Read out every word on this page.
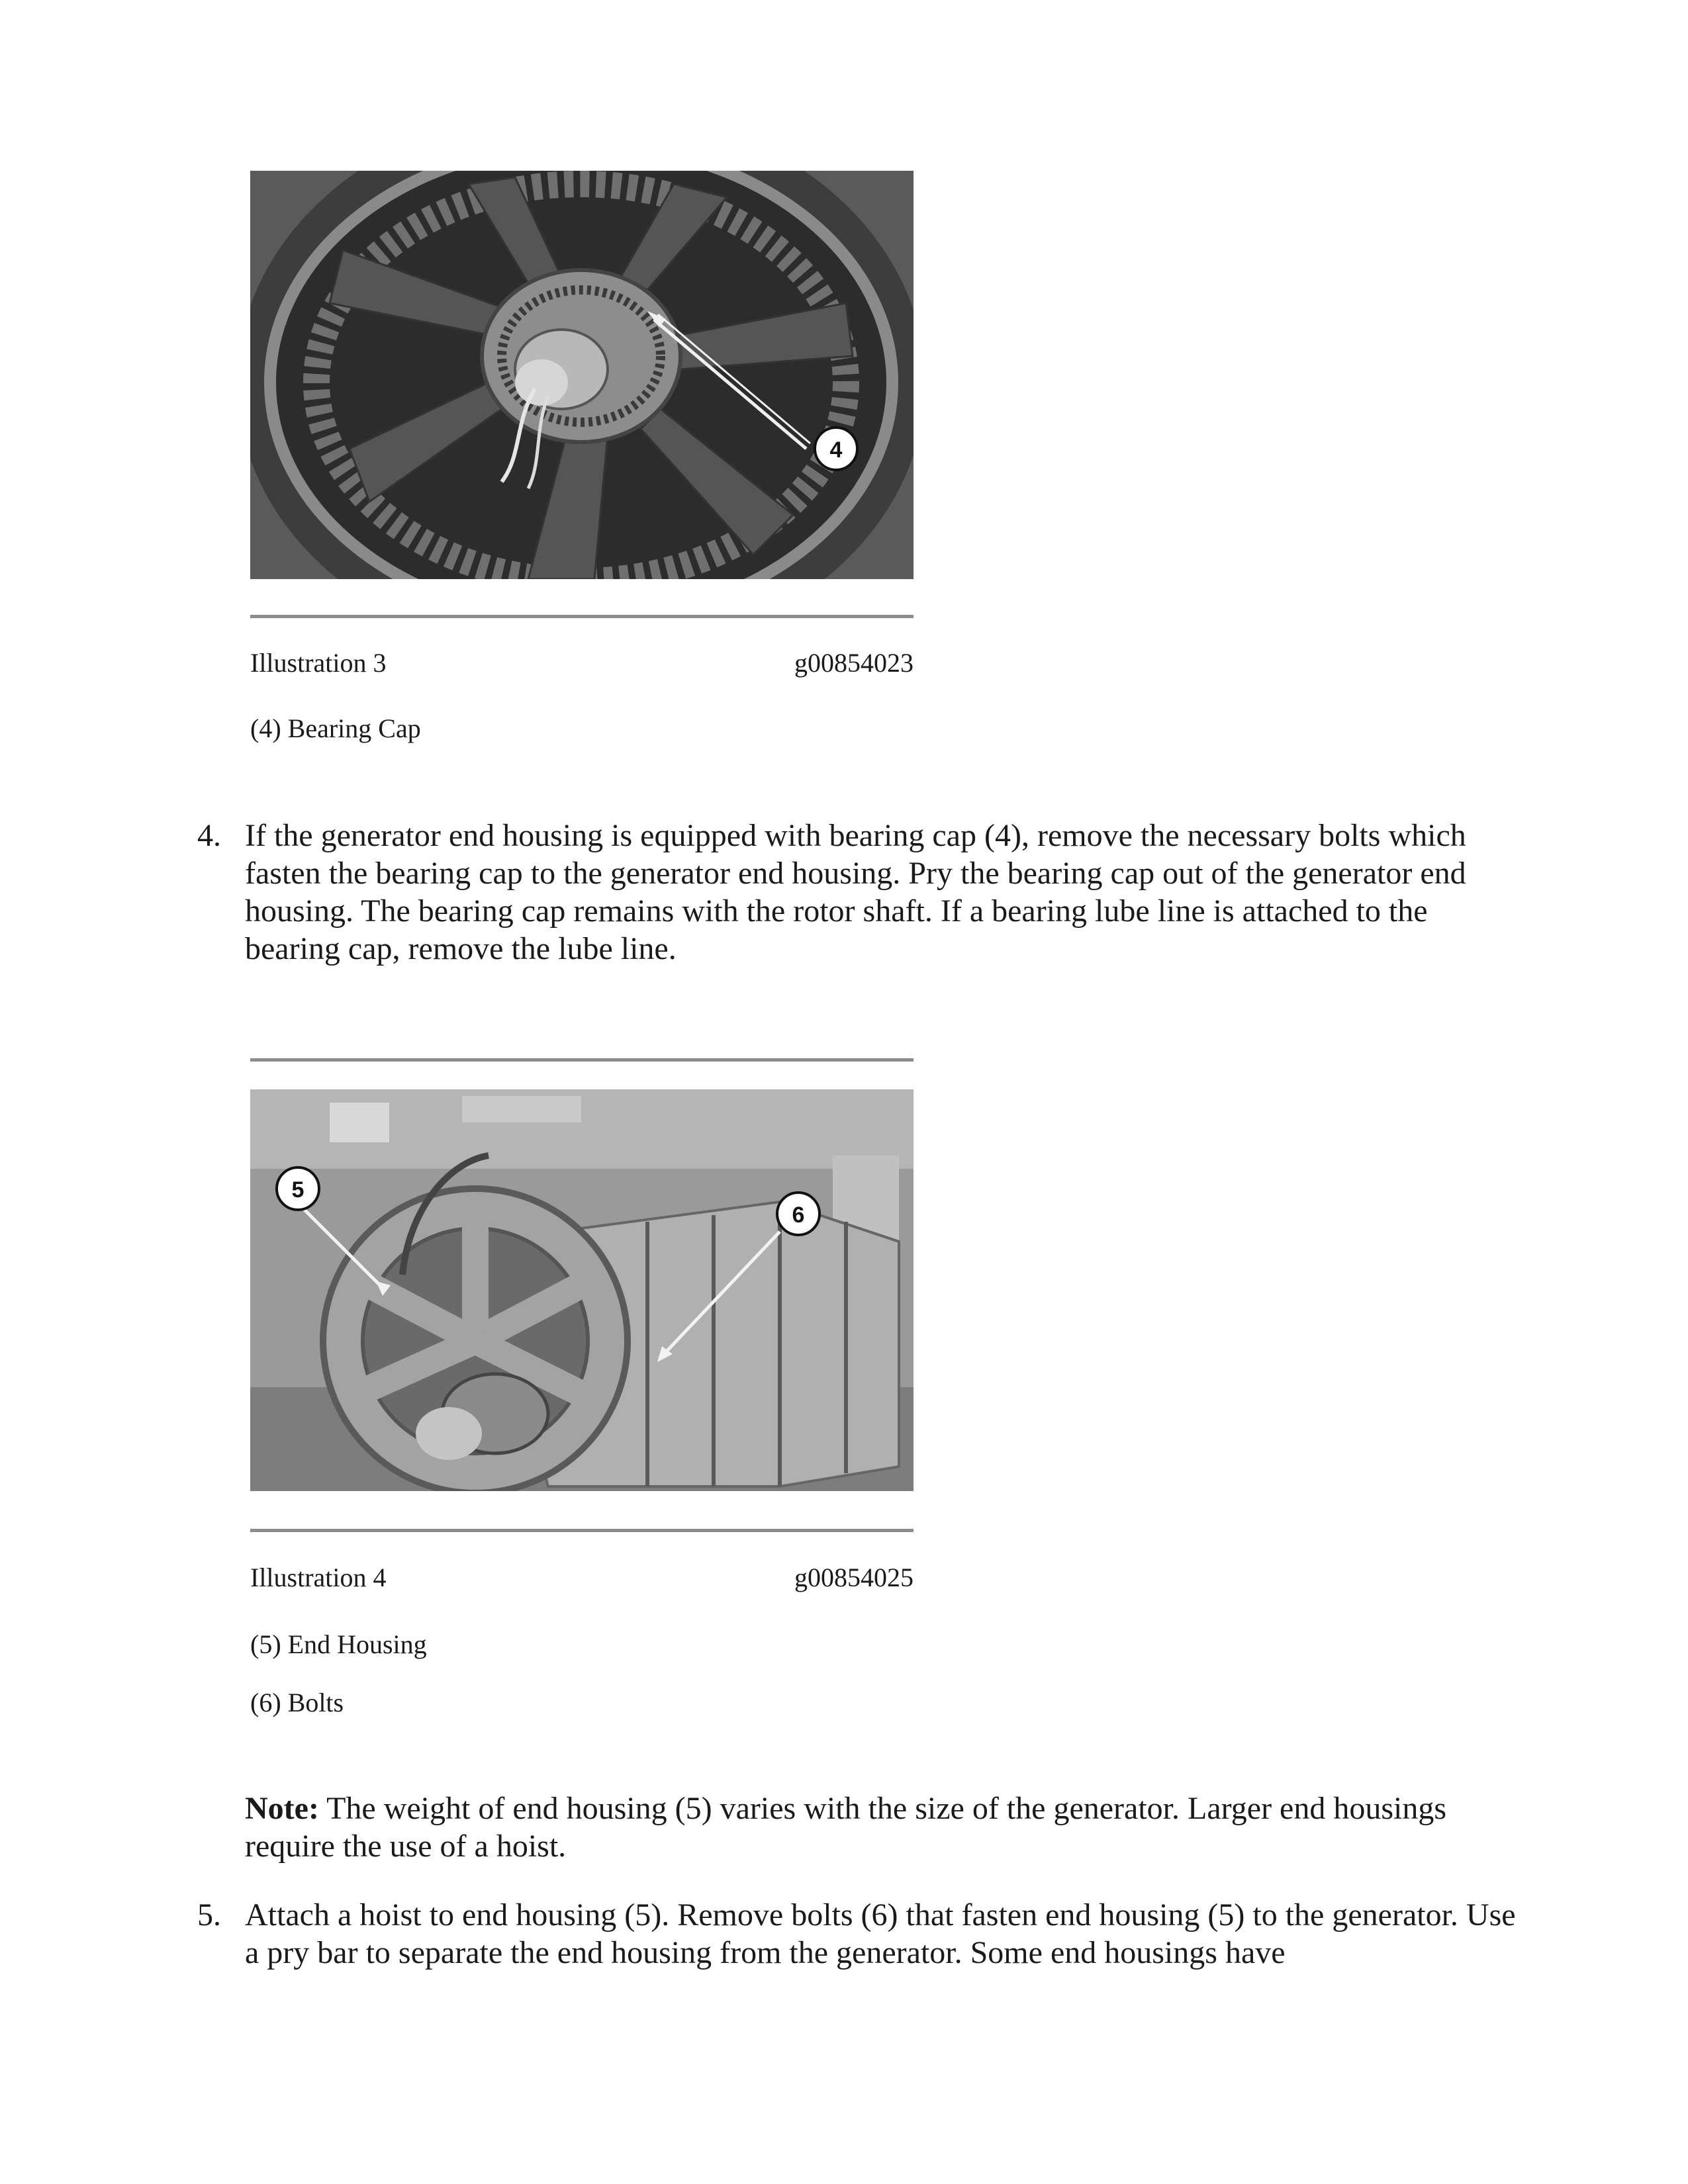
4
Illustration 3	g00854023
(4) Bearing Cap
4. If the generator end housing is equipped with bearing cap (4), remove the necessary bolts which fasten the bearing cap to the generator end housing. Pry the bearing cap out of the generator end housing. The bearing cap remains with the rotor shaft. If a bearing lube line is attached to the bearing cap, remove the lube line.
5
6
Illustration 4	g00854025
(5) End Housing
(6) Bolts
Note: The weight of end housing (5) varies with the size of the generator. Larger end housings require the use of a hoist.
5. Attach a hoist to end housing (5). Remove bolts (6) that fasten end housing (5) to the generator. Use a pry bar to separate the end housing from the generator. Some end housings have
